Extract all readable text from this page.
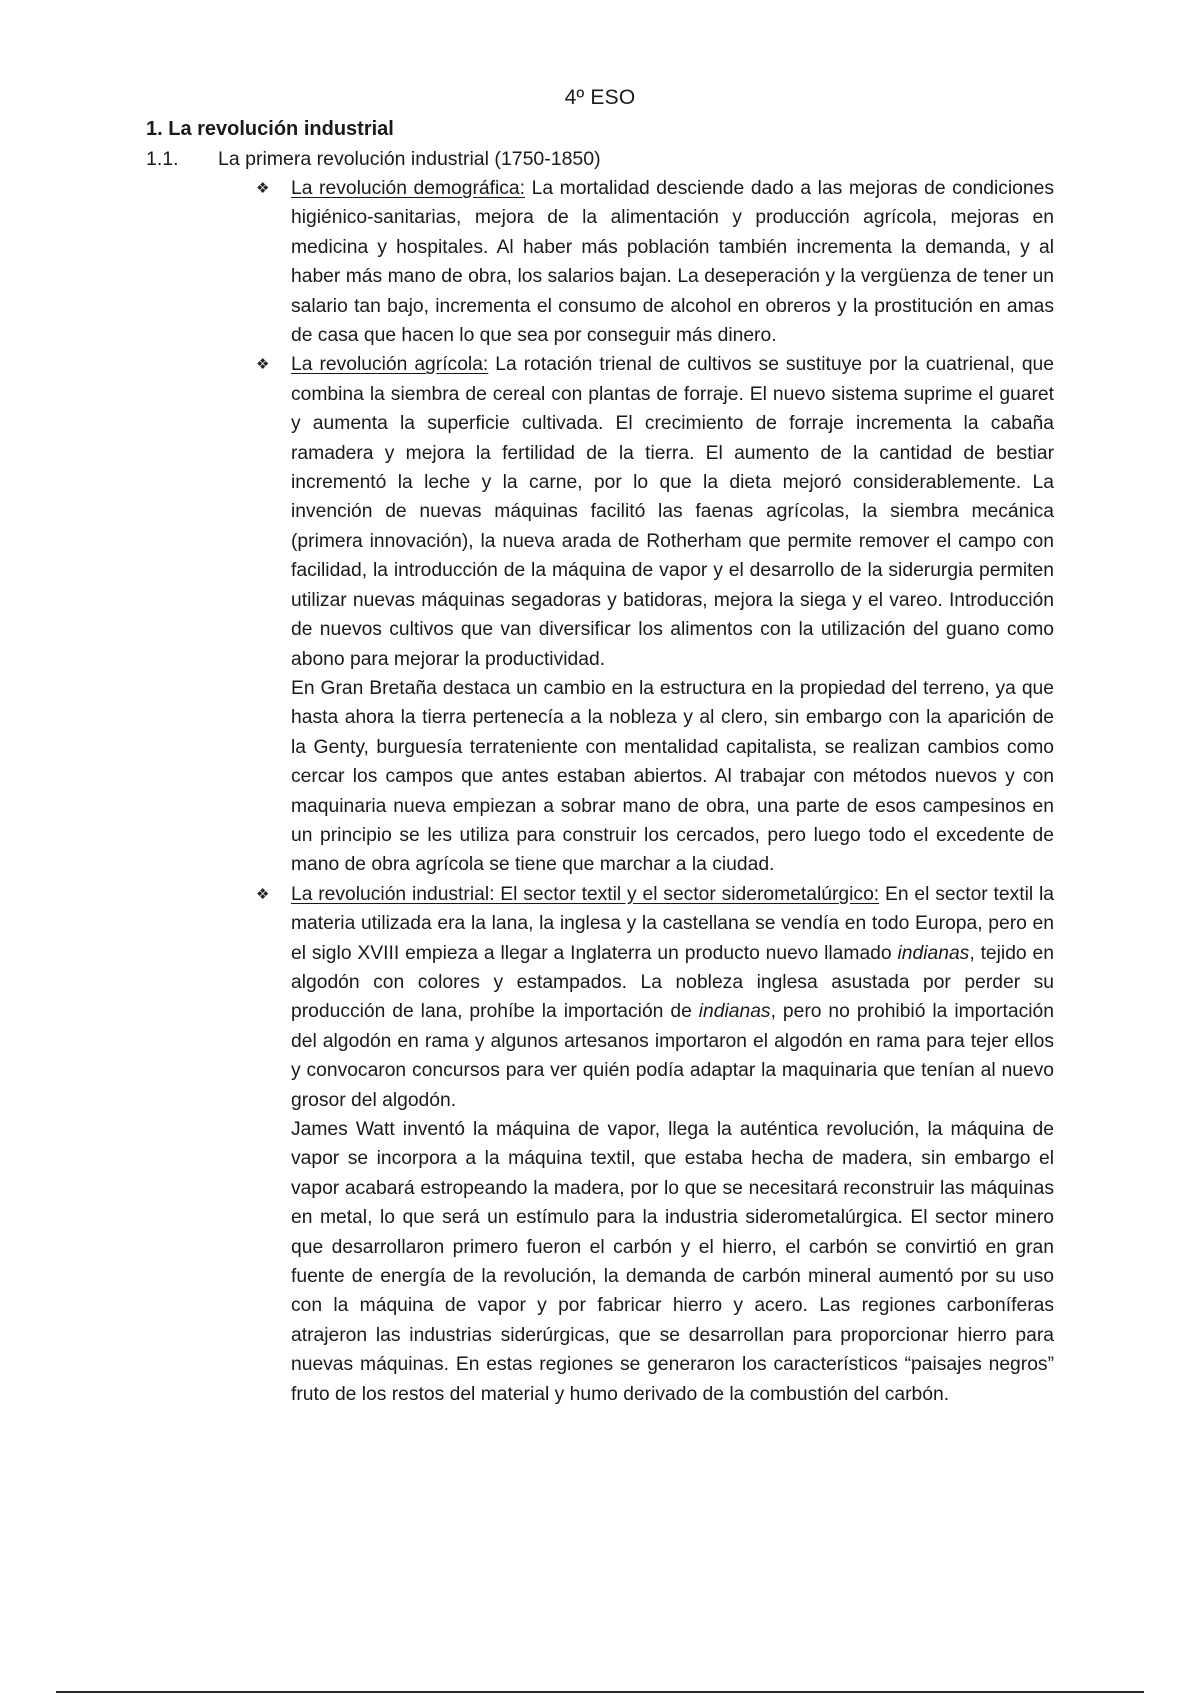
4º ESO
1. La revolución industrial
1.1.	La primera revolución industrial (1750-1850)
❖	La revolución demográfica: La mortalidad desciende dado a las mejoras de condiciones higiénico-sanitarias, mejora de la alimentación y producción agrícola, mejoras en medicina y hospitales. Al haber más población también incrementa la demanda, y al haber más mano de obra, los salarios bajan. La deseperación y la vergüenza de tener un salario tan bajo, incrementa el consumo de alcohol en obreros y la prostitución en amas de casa que hacen lo que sea por conseguir más dinero.

❖	La revolución agrícola: La rotación trienal de cultivos se sustituye por la cuatrienal, que combina la siembra de cereal con plantas de forraje. El nuevo sistema suprime el guaret y aumenta la superficie cultivada. El crecimiento de forraje incrementa la cabaña ramadera y mejora la fertilidad de la tierra. El aumento de la cantidad de bestiar incrementó la leche y la carne, por lo que la dieta mejoró considerablemente. La invención de nuevas máquinas facilitó las faenas agrícolas, la siembra mecánica (primera innovación), la nueva arada de Rotherham que permite remover el campo con facilidad, la introducción de la máquina de vapor y el desarrollo de la siderurgia permiten utilizar nuevas máquinas segadoras y batidoras, mejora la siega y el vareo. Introducción de nuevos cultivos que van diversificar los alimentos con la utilización del guano como abono para mejorar la productividad.

En Gran Bretaña destaca un cambio en la estructura en la propiedad del terreno, ya que hasta ahora la tierra pertenecía a la nobleza y al clero, sin embargo con la aparición de la Genty, burguesía terrateniente con mentalidad capitalista, se realizan cambios como cercar los campos que antes estaban abiertos. Al trabajar con métodos nuevos y con maquinaria nueva empiezan a sobrar mano de obra, una parte de esos campesinos en un principio se les utiliza para construir los cercados, pero luego todo el excedente de mano de obra agrícola se tiene que marchar a la ciudad.

❖	La revolución industrial: El sector textil y el sector siderometalúrgico: En el sector textil la materia utilizada era la lana, la inglesa y la castellana se vendía en todo Europa, pero en el siglo XVIII empieza a llegar a Inglaterra un producto nuevo llamado indianas, tejido en algodón con colores y estampados. La nobleza inglesa asustada por perder su producción de lana, prohíbe la importación de indianas, pero no prohibió la importación del algodón en rama y algunos artesanos importaron el algodón en rama para tejer ellos y convocaron concursos para ver quién podía adaptar la maquinaria que tenían al nuevo grosor del algodón.

James Watt inventó la máquina de vapor, llega la auténtica revolución, la máquina de vapor se incorpora a la máquina textil, que estaba hecha de madera, sin embargo el vapor acabará estropeando la madera, por lo que se necesitará reconstruir las máquinas en metal, lo que será un estímulo para la industria siderometalúrgica. El sector minero que desarrollaron primero fueron el carbón y el hierro, el carbón se convirtió en gran fuente de energía de la revolución, la demanda de carbón mineral aumentó por su uso con la máquina de vapor y por fabricar hierro y acero. Las regiones carboníferas atrajeron las industrias siderúrgicas, que se desarrollan para proporcionar hierro para nuevas máquinas. En estas regiones se generaron los característicos “paisajes negros” fruto de los restos del material y humo derivado de la combustión del carbón.
